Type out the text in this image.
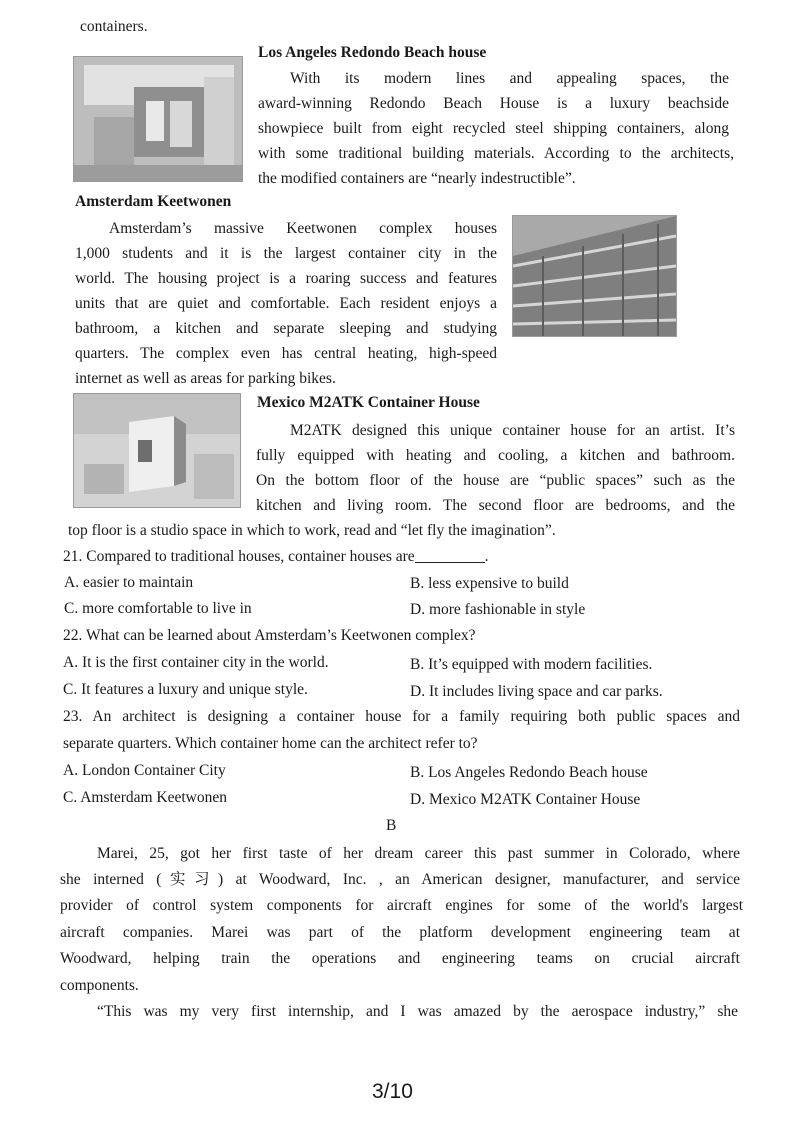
containers.
Los Angeles Redondo Beach house
With its modern lines and appealing spaces, the
award-winning Redondo Beach House is a luxury beachside
showpiece built from eight recycled steel shipping containers, along
with some traditional building materials. According to the architects,
the modified containers are “nearly indestructible”.
Amsterdam Keetwonen
Amsterdam’s massive Keetwonen complex houses
1,000 students and it is the largest container city in the
world. The housing project is a roaring success and features
units that are quiet and comfortable. Each resident enjoys a
bathroom, a kitchen and separate sleeping and studying
quarters. The complex even has central heating, high-speed
internet as well as areas for parking bikes.
Mexico M2ATK Container House
M2ATK designed this unique container house for an artist. It’s
fully equipped with heating and cooling, a kitchen and bathroom.
On the bottom floor of the house are “public spaces” such as the
kitchen and living room. The second floor are bedrooms, and the
top floor is a studio space in which to work, read and “let fly the imagination”.
21. Compared to traditional houses, container houses are	.
A. easier to maintain	B. less expensive to build
C. more comfortable to live in	D. more fashionable in style
22. What can be learned about Amsterdam’s Keetwonen complex?
A. It is the first container city in the world.	B. It’s equipped with modern facilities.
C. It features a luxury and unique style.	D. It includes living space and car parks.
23. An architect is designing a container house for a family requiring both public spaces and
separate quarters. Which container home can the architect refer to?
A. London Container City	B. Los Angeles Redondo Beach house
C. Amsterdam Keetwonen	D. Mexico M2ATK Container House
B
Marei, 25, got her first taste of her dream career this past summer in Colorado, where
she interned (实习) at Woodward, Inc. , an American designer, manufacturer, and service
provider of control system components for aircraft engines for some of the world's largest
aircraft companies. Marei was part of the platform development engineering team at
Woodward, helping train the operations and engineering teams on crucial aircraft
components.
“This was my very first internship, and I was amazed by the aerospace industry,” she
3/10
